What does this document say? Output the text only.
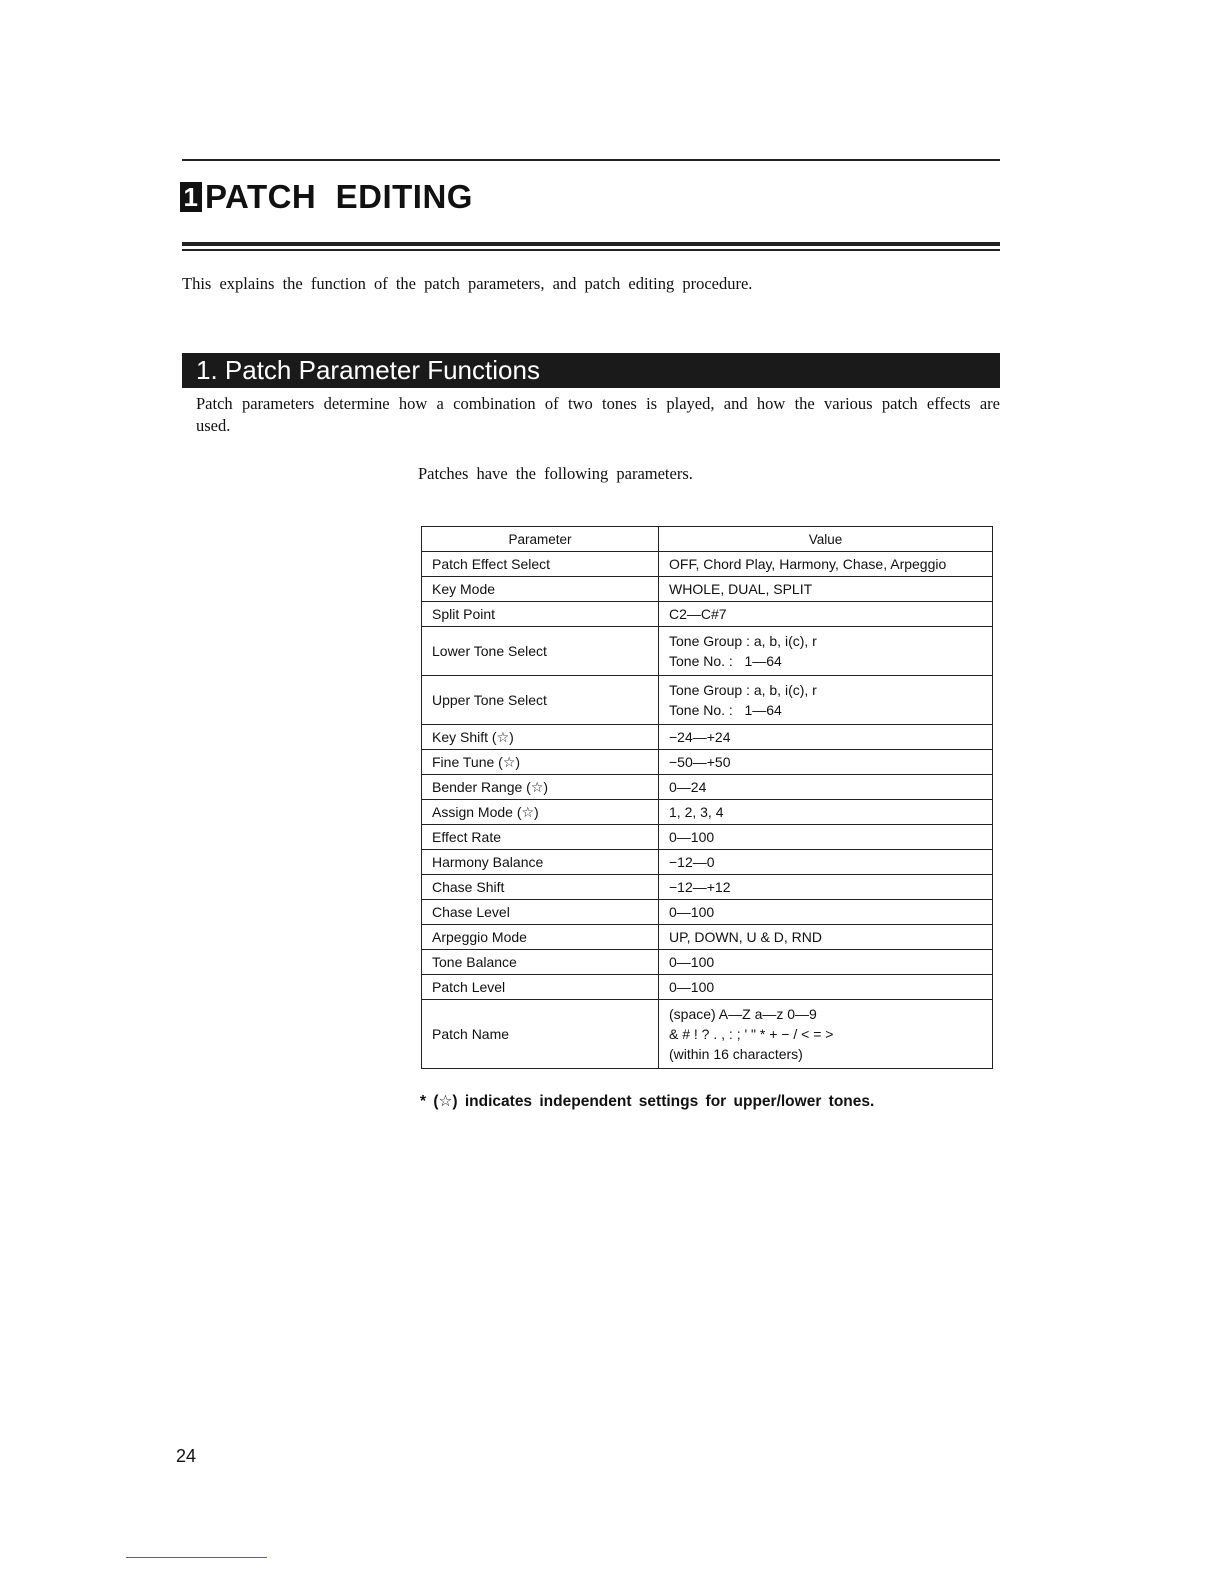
1 PATCH  EDITING
This explains the function of the patch parameters, and patch editing procedure.
1. Patch Parameter Functions
Patch parameters determine how a combination of two tones is played, and how the various patch effects are used.
Patches have the following parameters.
Parameter	Value
Patch Effect Select	OFF, Chord Play, Harmony, Chase, Arpeggio

Key Mode	WHOLE, DUAL, SPLIT

Split Point	C2—C#7

Lower Tone Select	Tone Group : a, b, i(c), r
Tone No. :   1—64

Upper Tone Select	Tone Group : a, b, i(c), r
Tone No. :   1—64

Key Shift (☆)	−24—+24

Fine Tune (☆)	−50—+50

Bender Range (☆)	0—24

Assign Mode (☆)	1, 2, 3, 4

Effect Rate	0—100

Harmony Balance	−12—0

Chase Shift	−12—+12

Chase Level	0—100

Arpeggio Mode	UP, DOWN, U & D, RND

Tone Balance	0—100

Patch Level	0—100

Patch Name	(space) A—Z a—z 0—9
& # ! ? . , : ; ' " * + − / < = >
(within 16 characters)
* (☆) indicates independent settings for upper/lower tones.
24
